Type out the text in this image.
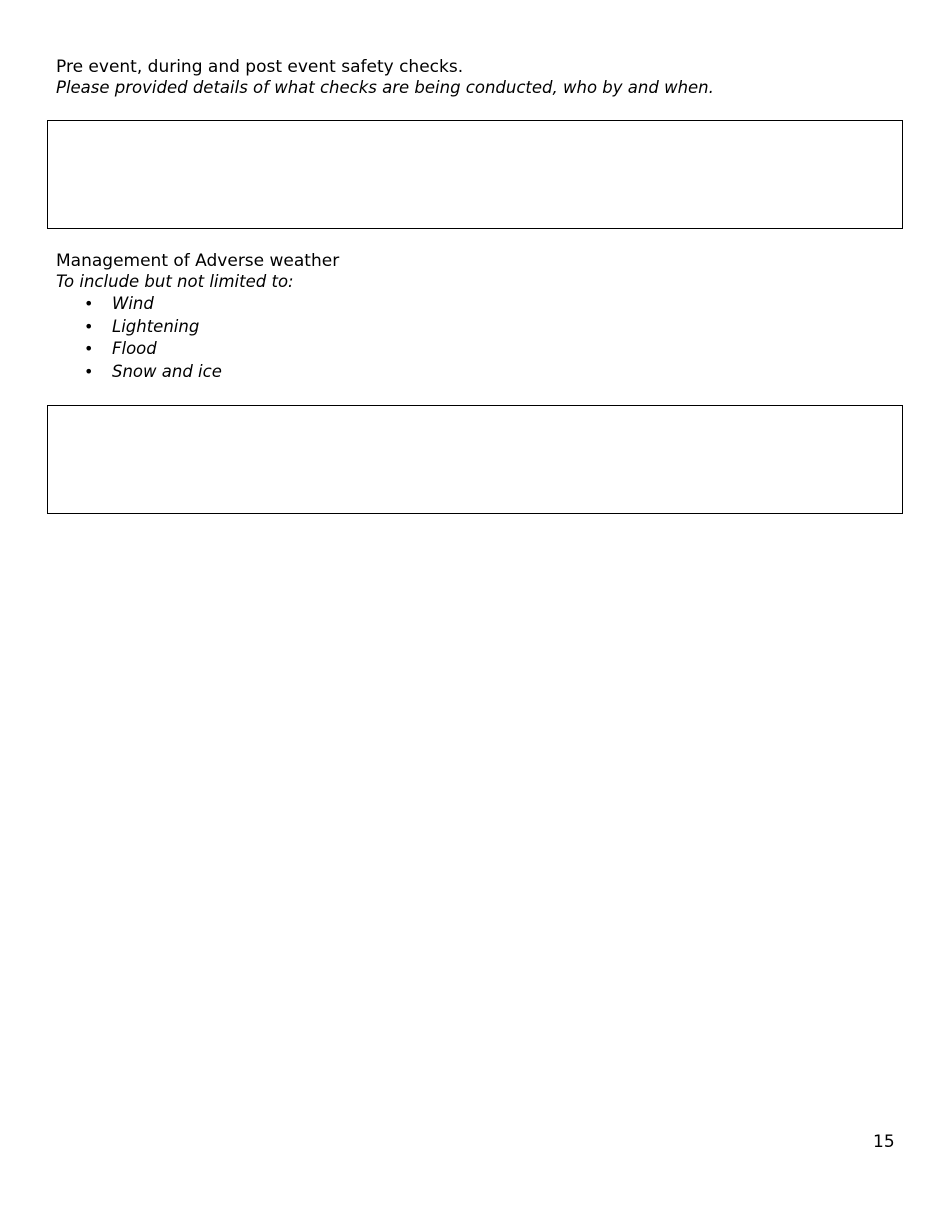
Pre event, during and post event safety checks.
Please provided details of what checks are being conducted, who by and when.
Management of Adverse weather
To include but not limited to:
• Wind
• Lightening
• Flood
• Snow and ice
15
